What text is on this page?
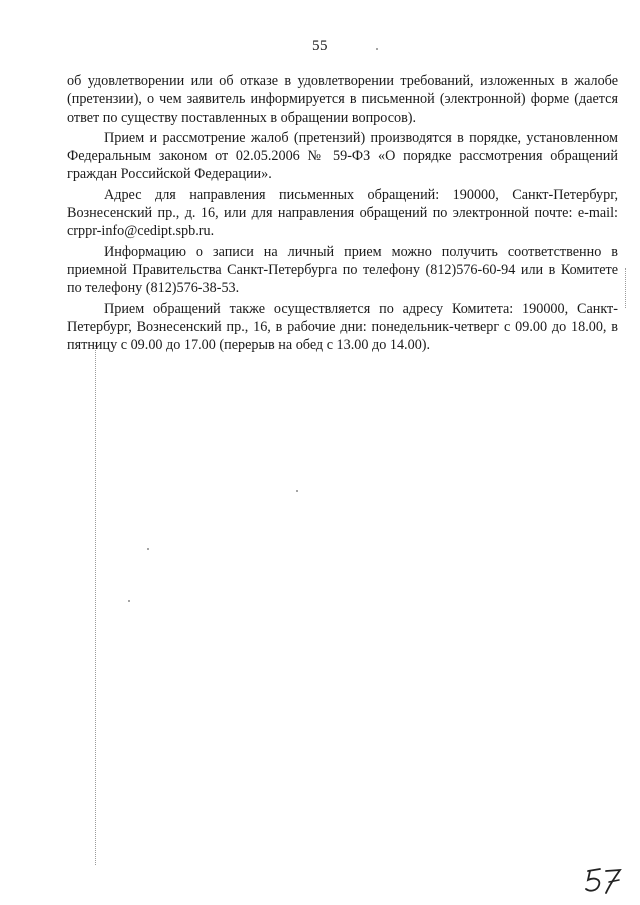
55

об удовлетворении или об отказе в удовлетворении требований, изложенных в жалобе (претензии), о чем заявитель информируется в письменной (электронной) форме (дается ответ по существу поставленных в обращении вопросов).

Прием и рассмотрение жалоб (претензий) производятся в порядке, установленном Федеральным законом от 02.05.2006 № 59-ФЗ «О порядке рассмотрения обращений граждан Российской Федерации».

Адрес для направления письменных обращений: 190000, Санкт-Петербург, Вознесенский пр., д. 16, или для направления обращений по электронной почте: e-mail: crppr-info@cedipt.spb.ru.

Информацию о записи на личный прием можно получить соответственно в приемной Правительства Санкт-Петербурга по телефону (812)576-60-94 или в Комитете по телефону (812)576-38-53.

Прием обращений также осуществляется по адресу Комитета: 190000, Санкт-Петербург, Вознесенский пр., 16, в рабочие дни: понедельник-четверг с 09.00 до 18.00, в пятницу с 09.00 до 17.00 (перерыв на обед с 13.00 до 14.00).
